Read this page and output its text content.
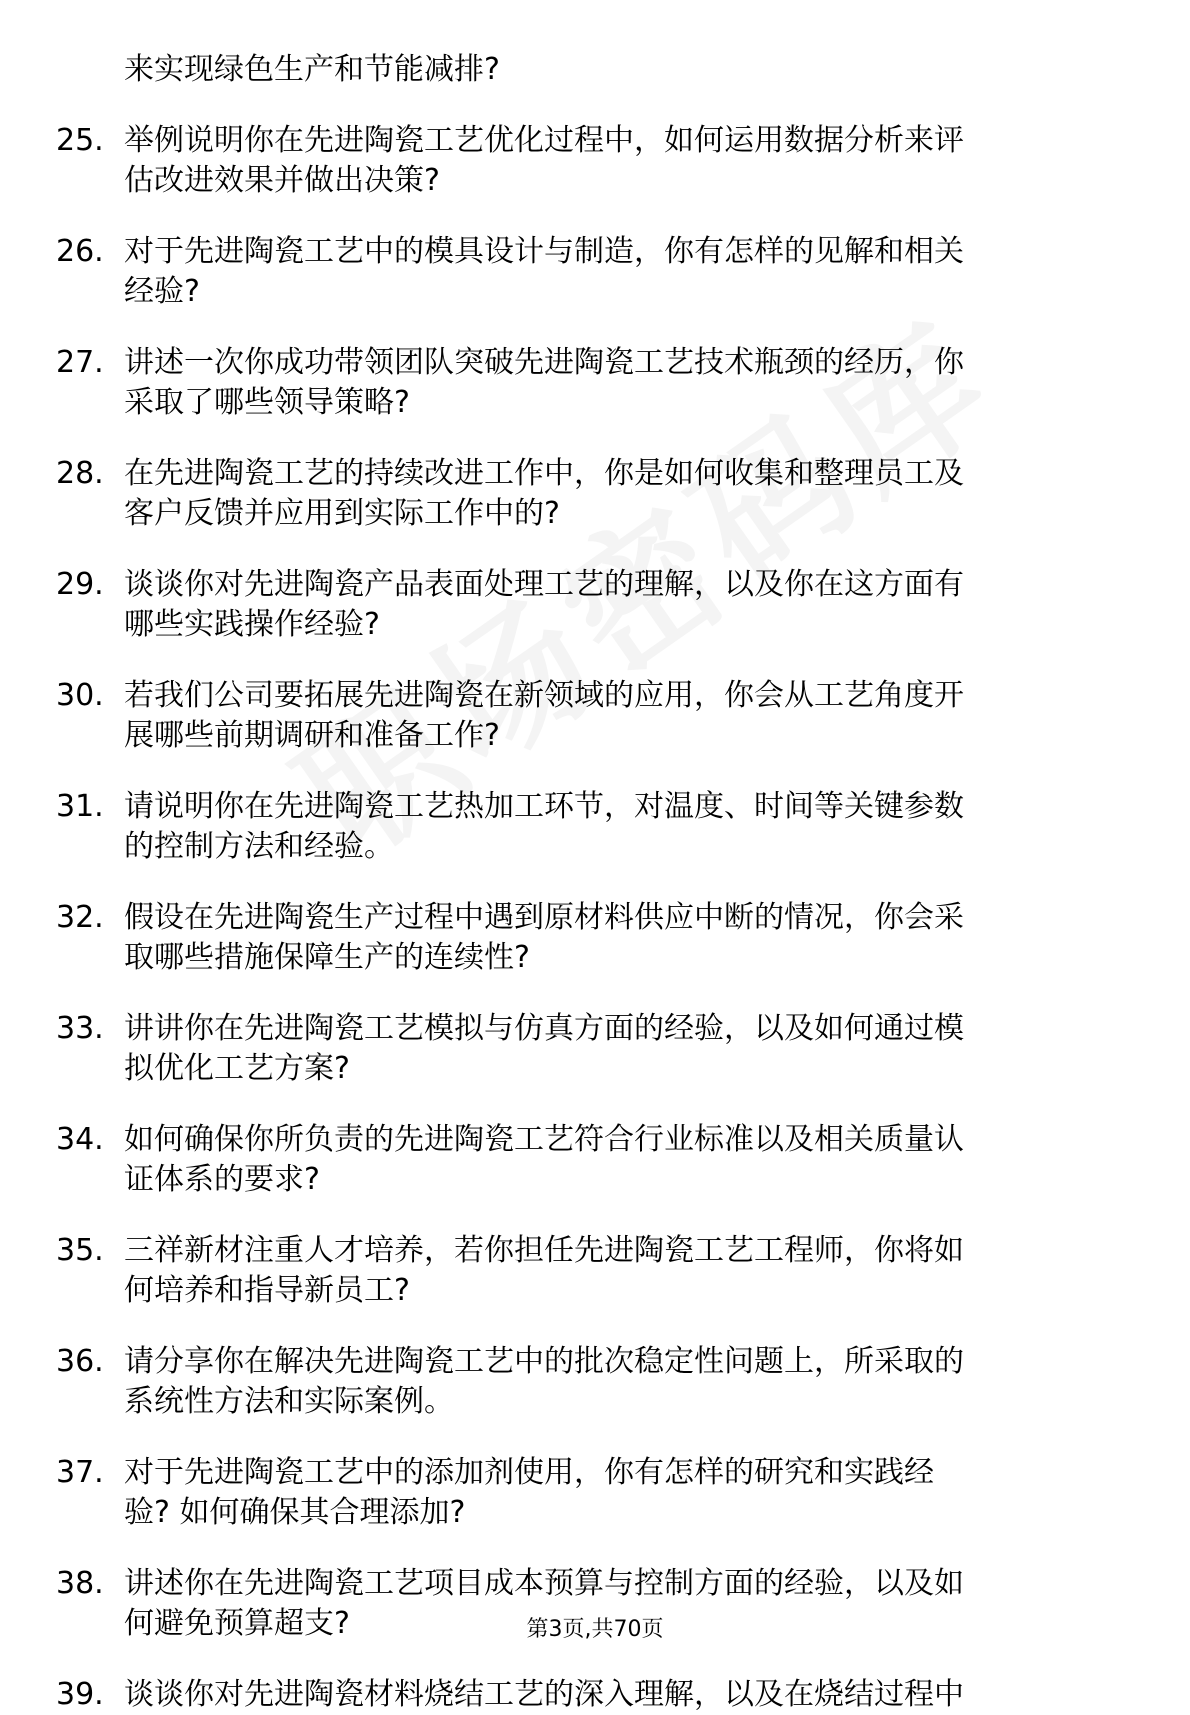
来实现绿色生产和节能减排?
25. 举例说明你在先进陶瓷工艺优化过程中，如何运用数据分析来评
估改进效果并做出决策?
26. 对于先进陶瓷工艺中的模具设计与制造，你有怎样的见解和相关
经验?
27. 讲述一次你成功带领团队突破先进陶瓷工艺技术瓶颈的经历，你
采取了哪些领导策略?
28. 在先进陶瓷工艺的持续改进工作中，你是如何收集和整理员工及
客户反馈并应用到实际工作中的?
29. 谈谈你对先进陶瓷产品表面处理工艺的理解，以及你在这方面有
哪些实践操作经验?
30. 若我们公司要拓展先进陶瓷在新领域的应用，你会从工艺角度开
展哪些前期调研和准备工作?
31. 请说明你在先进陶瓷工艺热加工环节，对温度、时间等关键参数
的控制方法和经验。
32. 假设在先进陶瓷生产过程中遇到原材料供应中断的情况，你会采
取哪些措施保障生产的连续性?
33. 讲讲你在先进陶瓷工艺模拟与仿真方面的经验，以及如何通过模
拟优化工艺方案?
34. 如何确保你所负责的先进陶瓷工艺符合行业标准以及相关质量认
证体系的要求?
35. 三祥新材注重人才培养，若你担任先进陶瓷工艺工程师，你将如
何培养和指导新员工?
36. 请分享你在解决先进陶瓷工艺中的批次稳定性问题上，所采取的
系统性方法和实际案例。
37. 对于先进陶瓷工艺中的添加剂使用，你有怎样的研究和实践经
验? 如何确保其合理添加?
38. 讲述你在先进陶瓷工艺项目成本预算与控制方面的经验，以及如
何避免预算超支?
39. 谈谈你对先进陶瓷材料烧结工艺的深入理解，以及在烧结过程中
第3页,共70页
